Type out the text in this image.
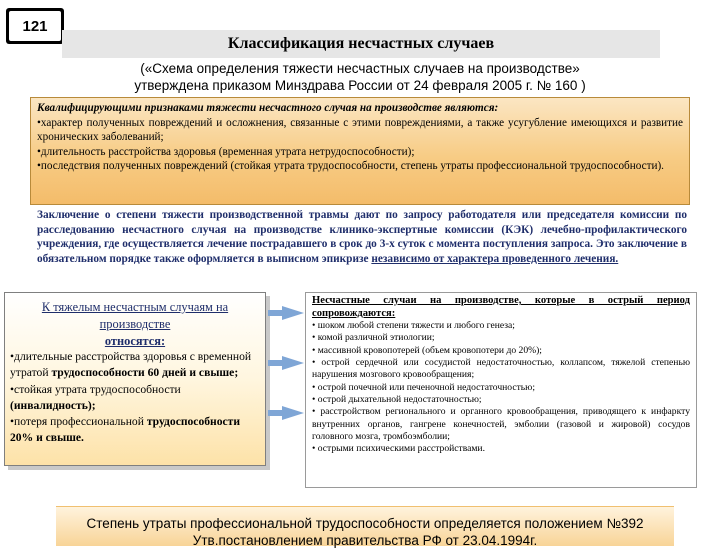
121
Классификация несчастных случаев
(«Схема определения тяжести несчастных случаев на производстве»
утверждена приказом Минздрава России от 24 февраля 2005 г. № 160 )
Квалифицирующими признаками тяжести несчастного случая на производстве являются:
•характер полученных повреждений и осложнения, связанные с этими повреждениями, а также усугубление имеющихся и развитие хронических заболеваний;
•длительность расстройства здоровья (временная утрата нетрудоспособности);
•последствия полученных повреждений (стойкая утрата трудоспособности, степень утраты профессиональной трудоспособности).
Заключение о степени тяжести производственной травмы дают по запросу работодателя или председателя комиссии по расследованию несчастного случая на производстве клинико-экспертные комиссии (КЭК) лечебно-профилактического учреждения, где осуществляется лечение пострадавшего в срок до 3-х суток с момента поступления запроса. Это заключение в обязательном порядке также оформляется в выписном эпикризе независимо от характера проведенного лечения.
К тяжелым несчастным случаям на производстве
относятся:
•длительные расстройства здоровья с временной утратой трудоспособности 60 дней и свыше;
•стойкая утрата трудоспособности (инвалидность);
•потеря профессиональной трудоспособности 20% и свыше.
Несчастные случаи на производстве, которые в острый период сопровождаются:
• шоком любой степени тяжести и любого генеза;
• комой различной этиологии;
• массивной кровопотерей (объем кровопотери до 20%);
• острой сердечной или сосудистой недостаточностью, коллапсом, тяжелой степенью нарушения мозгового кровообращения;
• острой почечной или печеночной недостаточностью;
• острой дыхательной недостаточностью;
• расстройством регионального и органного кровообращения, приводящего к инфаркту внутренних органов, гангрене конечностей, эмболии (газовой и жировой) сосудов головного мозга, тромбоэмболии;
• острыми психическими расстройствами.
Степень утраты профессиональной трудоспособности определяется положением №392
Утв.постановлением правительства РФ от 23.04.1994г.
